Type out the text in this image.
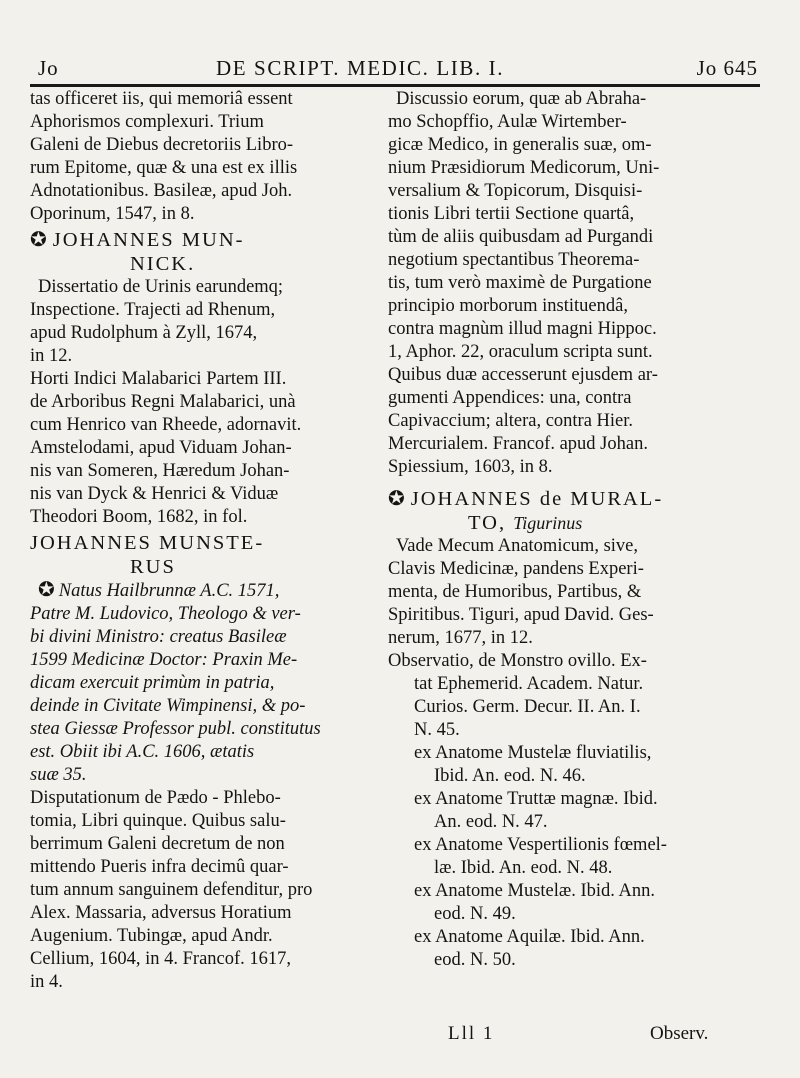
Jo	DE SCRIPT. MEDIC. LIB. I.	Jo 645

tas officeret iis, qui memoriâ essent

Aphorismos complexuri. Trium

Galeni de Diebus decretoriis Libro-

rum Epitome, quæ & una est ex illis

Adnotationibus. Basileæ, apud Joh.

Oporinum, 1547, in 8.

✪ JOHANNES MUN-
NICK.

Dissertatio de Urinis earundemq;

Inspectione. Trajecti ad Rhenum,

apud Rudolphum à Zyll, 1674,

in 12.

Horti Indici Malabarici Partem III.

de Arboribus Regni Malabarici, unà

cum Henrico van Rheede, adornavit.

Amstelodami, apud Viduam Johan-

nis van Someren, Hæredum Johan-

nis van Dyck & Henrici & Viduæ

Theodori Boom, 1682, in fol.

JOHANNES MUNSTE-
RUS

✪ Natus Hailbrunnæ A.C. 1571,

Patre M. Ludovico, Theologo & ver-

bi divini Ministro: creatus Basileæ

1599 Medicinæ Doctor: Praxin Me-

dicam exercuit primùm in patria,

deinde in Civitate Wimpinensi, & po-

stea Giessæ Professor publ. constitutus

est. Obiit ibi A.C. 1606, ætatis

suæ 35.

Disputationum de Pædo - Phlebo-

tomia, Libri quinque. Quibus salu-

berrimum Galeni decretum de non

mittendo Pueris infra decimû quar-

tum annum sanguinem defenditur, pro

Alex. Massaria, adversus Horatium

Augenium. Tubingæ, apud Andr.

Cellium, 1604, in 4. Francof. 1617,

in 4.

Discussio eorum, quæ ab Abraha-

mo Schopffio, Aulæ Wirtember-

gicæ Medico, in generalis suæ, om-

nium Præsidiorum Medicorum, Uni-

versalium & Topicorum, Disquisi-

tionis Libri tertii Sectione quartâ,

tùm de aliis quibusdam ad Purgandi

negotium spectantibus Theorema-

tis, tum verò maximè de Purgatione

principio morborum instituendâ,

contra magnùm illud magni Hippoc.

1, Aphor. 22, oraculum scripta sunt.

Quibus duæ accesserunt ejusdem ar-

gumenti Appendices: una, contra

Capivaccium; altera, contra Hier.

Mercurialem. Francof. apud Johan.

Spiessium, 1603, in 8.

✪ JOHANNES de MURAL-
TO, Tigurinus

Vade Mecum Anatomicum, sive,

Clavis Medicinæ, pandens Experi-

menta, de Humoribus, Partibus, &

Spiritibus. Tiguri, apud David. Ges-

nerum, 1677, in 12.

Observatio, de Monstro ovillo. Ex-

tat Ephemerid. Academ. Natur.

Curios. Germ. Decur. II. An. I.

N. 45.

ex Anatome Mustelæ fluviatilis,

Ibid. An. eod. N. 46.

ex Anatome Truttæ magnæ. Ibid.

An. eod. N. 47.

ex Anatome Vespertilionis fœmel-

læ. Ibid. An. eod. N. 48.

ex Anatome Mustelæ. Ibid. Ann.

eod. N. 49.

ex Anatome Aquilæ. Ibid. Ann.

eod. N. 50.

Lll 1	Observ.
